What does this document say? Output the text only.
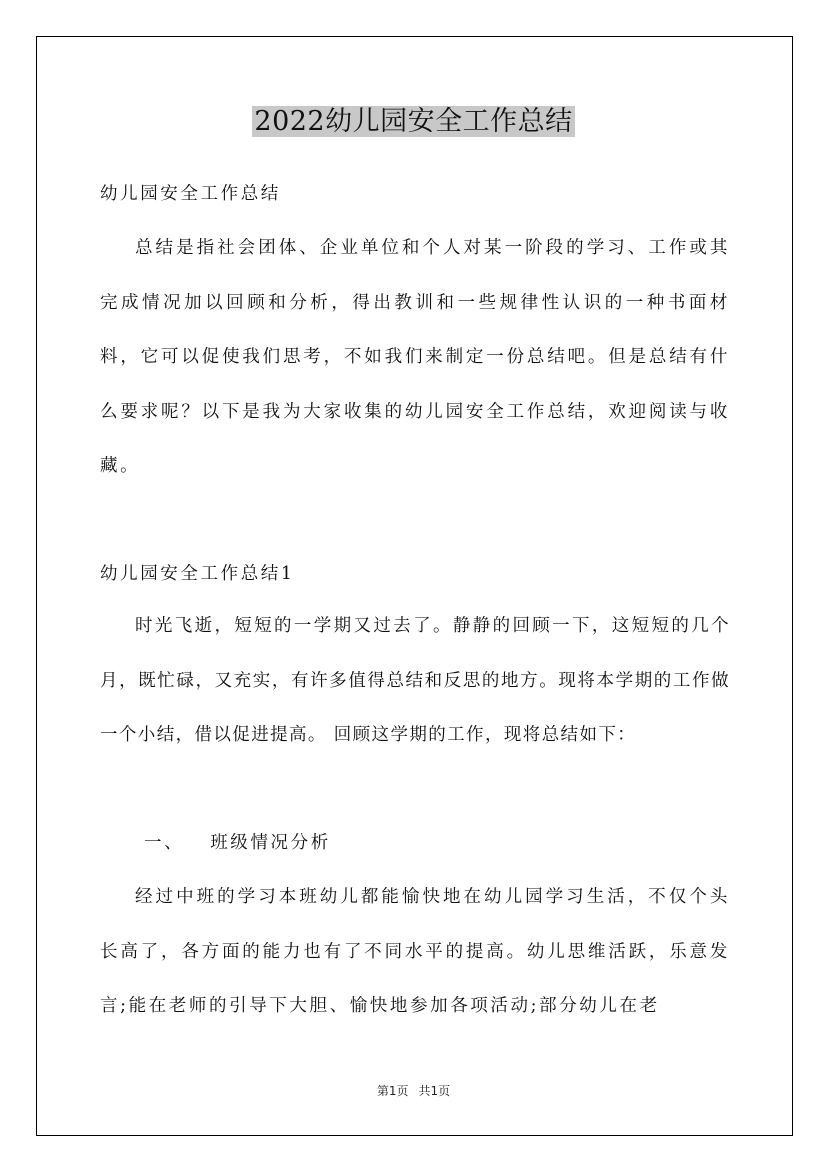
2022幼儿园安全工作总结
幼儿园安全工作总结

总结是指社会团体、企业单位和个人对某一阶段的学习、工作或其完成情况加以回顾和分析，得出教训和一些规律性认识的一种书面材料，它可以促使我们思考，不如我们来制定一份总结吧。但是总结有什么要求呢？以下是我为大家收集的幼儿园安全工作总结，欢迎阅读与收藏。

幼儿园安全工作总结1

时光飞逝，短短的一学期又过去了。静静的回顾一下，这短短的几个月，既忙碌，又充实，有许多值得总结和反思的地方。现将本学期的工作做一个小结，借以促进提高。 回顾这学期的工作，现将总结如下：

一、 班级情况分析

经过中班的学习本班幼儿都能愉快地在幼儿园学习生活，不仅个头长高了，各方面的能力也有了不同水平的提高。幼儿思维活跃，乐意发言;能在老师的引导下大胆、愉快地参加各项活动;部分幼儿在老

第1页 共1页
